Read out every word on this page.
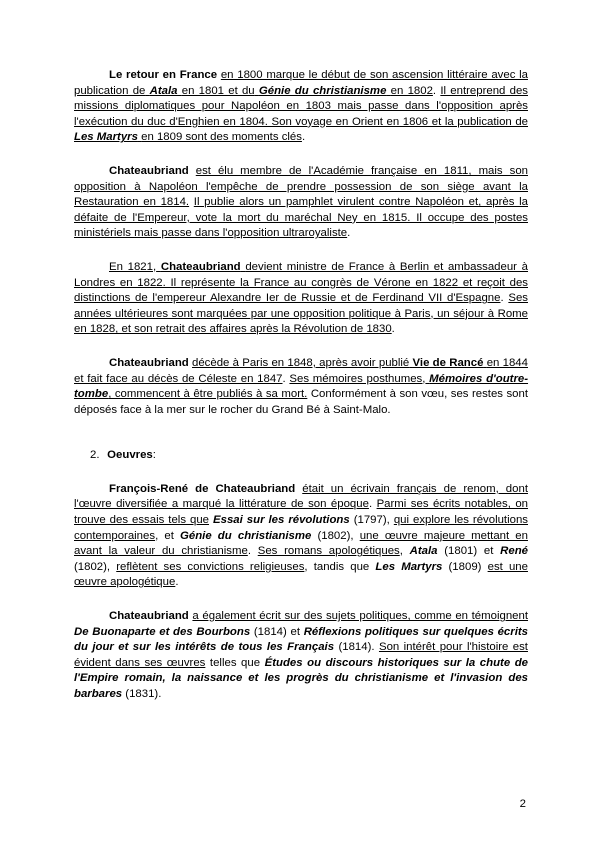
Le retour en France en 1800 marque le début de son ascension littéraire avec la publication de Atala en 1801 et du Génie du christianisme en 1802. Il entreprend des missions diplomatiques pour Napoléon en 1803 mais passe dans l'opposition après l'exécution du duc d'Enghien en 1804. Son voyage en Orient en 1806 et la publication de Les Martyrs en 1809 sont des moments clés.

Chateaubriand est élu membre de l'Académie française en 1811, mais son opposition à Napoléon l'empêche de prendre possession de son siège avant la Restauration en 1814. Il publie alors un pamphlet virulent contre Napoléon et, après la défaite de l'Empereur, vote la mort du maréchal Ney en 1815. Il occupe des postes ministériels mais passe dans l'opposition ultraroyaliste.

En 1821, Chateaubriand devient ministre de France à Berlin et ambassadeur à Londres en 1822. Il représente la France au congrès de Vérone en 1822 et reçoit des distinctions de l'empereur Alexandre Ier de Russie et de Ferdinand VII d'Espagne. Ses années ultérieures sont marquées par une opposition politique à Paris, un séjour à Rome en 1828, et son retrait des affaires après la Révolution de 1830.

Chateaubriand décède à Paris en 1848, après avoir publié Vie de Rancé en 1844 et fait face au décès de Céleste en 1847. Ses mémoires posthumes, Mémoires d'outre-tombe, commencent à être publiés à sa mort. Conformément à son vœu, ses restes sont déposés face à la mer sur le rocher du Grand Bé à Saint-Malo.

2. Oeuvres:

François-René de Chateaubriand était un écrivain français de renom, dont l'œuvre diversifiée a marqué la littérature de son époque. Parmi ses écrits notables, on trouve des essais tels que Essai sur les révolutions (1797), qui explore les révolutions contemporaines, et Génie du christianisme (1802), une œuvre majeure mettant en avant la valeur du christianisme. Ses romans apologétiques, Atala (1801) et René (1802), reflètent ses convictions religieuses, tandis que Les Martyrs (1809) est une œuvre apologétique.

Chateaubriand a également écrit sur des sujets politiques, comme en témoignent De Buonaparte et des Bourbons (1814) et Réflexions politiques sur quelques écrits du jour et sur les intérêts de tous les Français (1814). Son intérêt pour l'histoire est évident dans ses œuvres telles que Études ou discours historiques sur la chute de l'Empire romain, la naissance et les progrès du christianisme et l'invasion des barbares (1831).

2
